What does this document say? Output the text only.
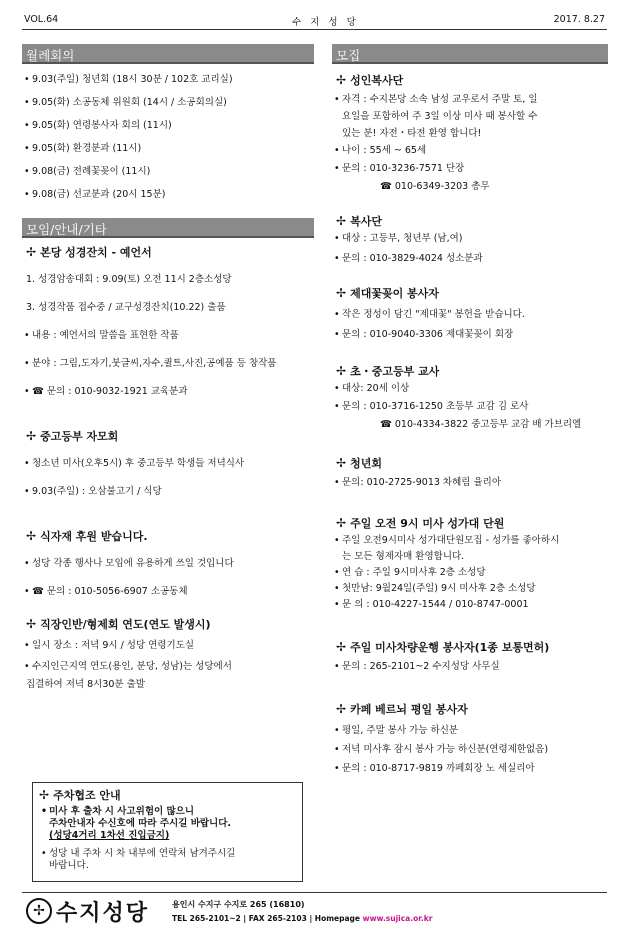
VOL.64	수 지 성 당	2017. 8.27
월례회의
• 9.03(주일) 청년회 (18시 30분 / 102호 교리실)
• 9.05(화) 소공동체 위원회 (14시 / 소공회의실)
• 9.05(화) 연령봉사자 회의 (11시)
• 9.05(화) 환경분과 (11시)
• 9.08(금) 전례꽃꽂이 (11시)
• 9.08(금) 선교분과 (20시 15분)
모임/안내/기타
✢ 본당 성경잔치 - 예언서
1. 성경암송대회 : 9.09(토) 오전 11시 2층소성당
3. 성경작품 접수중 / 교구성경잔치(10.22) 출품
• 내용 : 예언서의 말씀을 표현한 작품
• 분야 : 그림,도자기,붓글씨,자수,퀼트,사진,공예품 등 창작품
• ☎ 문의 : 010-9032-1921 교육분과
✢ 중고등부 자모회
• 청소년 미사(오후5시) 후 중고등부 학생들 저녁식사
• 9.03(주일) : 오삼불고기 / 식당
✢ 식자재 후원 받습니다.
• 성당 각종 행사나 모임에 유용하게 쓰일 것입니다
• ☎ 문의 : 010-5056-6907 소공동체
✢ 직장인반/형제회 연도(연도 발생시)
• 일시 장소 : 저녁 9시 / 성당 연령기도실
• 수지인근지역 연도(용인, 분당, 성남)는 성당에서
집결하여 저녁 8시30분 출발
✢ 주차협조 안내
• 미사 후 출차 시 사고위험이 많으니
주차안내자 수신호에 따라 주시길 바랍니다.
(성당4거리 1차선 진입금지)
• 성당 내 주차 시 차 내부에 연락처 남겨주시길
바랍니다.
모집
✢ 성인복사단
• 자격 : 수지본당 소속 남성 교우로서 주말 토, 일
요일을 포함하여 주 3일 이상 미사 때 봉사할 수
있는 분! 자전・타전 환영 합니다!
• 나이 : 55세 ~ 65세
• 문의 : 010-3236-7571 단장
☎ 010-6349-3203 총무
✢ 복사단
• 대상 : 고등부, 청년부 (남,여)
• 문의 : 010-3829-4024 성소분과
✢ 제대꽃꽂이 봉사자
• 작은 정성이 담긴 "제대꽃" 봉헌을 받습니다.
• 문의 : 010-9040-3306 제대꽃꽂이 회장
✢ 초・중고등부 교사
• 대상: 20세 이상
• 문의 : 010-3716-1250 초등부 교감 김 로사
☎ 010-4334-3822 중고등부 교감 배 가브리엘
✢ 청년회
• 문의: 010-2725-9013 차혜림 율리아
✢ 주일 오전 9시 미사 성가대 단원
• 주일 오전9시미사 성가대단원모집 - 성가를 좋아하시
는 모든 형제자매 환영합니다.
• 연 습 : 주일 9시미사후 2층 소성당
• 첫만남: 9월24일(주일) 9시 미사후 2층 소성당
• 문 의 : 010-4227-1544 / 010-8747-0001
✢ 주일 미사차량운행 봉사자(1종 보통면허)
• 문의 : 265-2101~2 수지성당 사무실
✢ 카페 베르뇌 평일 봉사자
• 평일, 주말 봉사 가능 하신분
• 저녁 미사후 잠시 봉사 가능 하신분(연령제한없음)
• 문의 : 010-8717-9819 까페회장 노 세실리아
✢ 수지성당	용인시 수지구 수지로 265 (16810)
TEL 265-2101~2 | FAX 265-2103 | Homepage www.sujica.or.kr
